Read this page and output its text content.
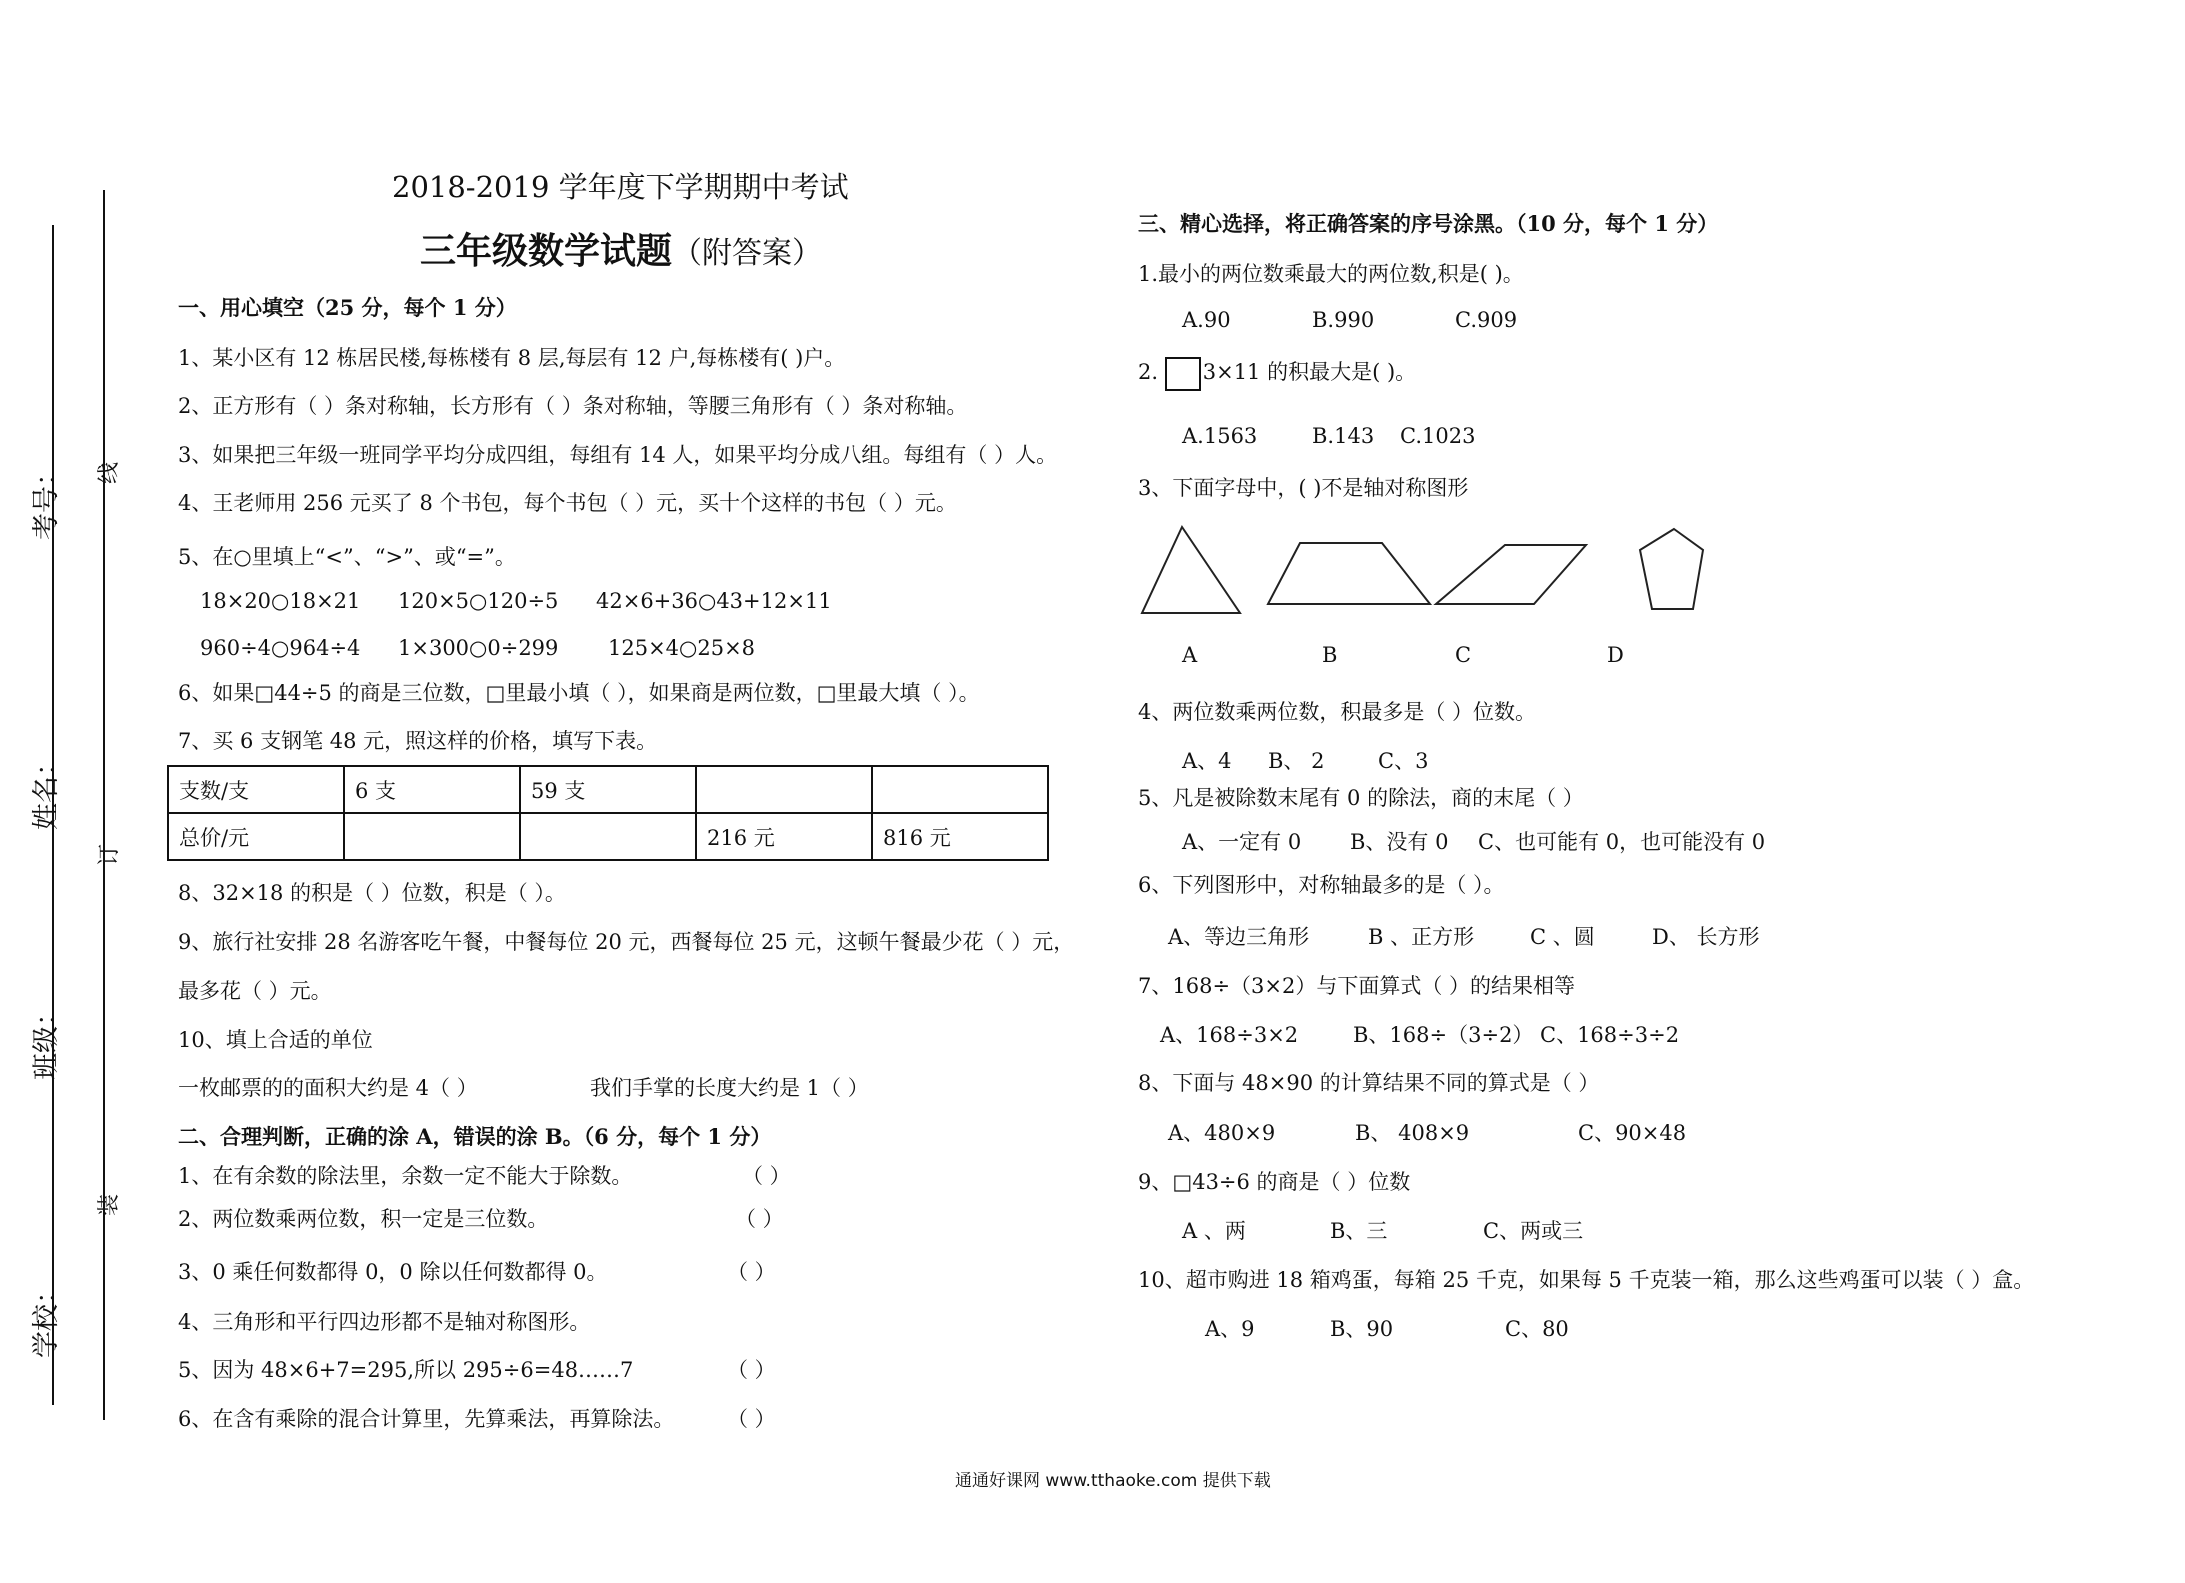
考号：
姓名：
班级：
学校：
线
订
装
2018-2019 学年度下学期期中考试
三年级数学试题（附答案）
一、用心填空（25 分，每个 1 分）
1、某小区有 12 栋居民楼,每栋楼有 8 层,每层有 12 户,每栋楼有( )户。
2、正方形有（ ）条对称轴，长方形有（ ）条对称轴，等腰三角形有（ ）条对称轴。
3、如果把三年级一班同学平均分成四组，每组有 14 人，如果平均分成八组。每组有（ ）人。
4、王老师用 256 元买了 8 个书包，每个书包（ ）元，买十个这样的书包（ ）元。
5、在○里填上“<”、“>”、或“=”。
18×20○18×21 120×5○120÷5 42×6+36○43+12×11
960÷4○964÷4 1×300○0÷299 125×4○25×8
6、如果□44÷5 的商是三位数，□里最小填（ ），如果商是两位数，□里最大填（ ）。
7、买 6 支钢笔 48 元，照这样的价格，填写下表。
支数/支	6 支	59 支		
总价/元			216 元	816 元
8、32×18 的积是（ ）位数，积是（ ）。
9、旅行社安排 28 名游客吃午餐，中餐每位 20 元，西餐每位 25 元，这顿午餐最少花（ ）元，
最多花（ ）元。
10、填上合适的单位
一枚邮票的的面积大约是 4（ ）	我们手掌的长度大约是 1（ ）
二、合理判断，正确的涂 A，错误的涂 B。（6 分，每个 1 分）
1、在有余数的除法里，余数一定不能大于除数。	（ ）
2、两位数乘两位数，积一定是三位数。	（ ）
3、0 乘任何数都得 0，0 除以任何数都得 0。	（ ）
4、三角形和平行四边形都不是轴对称图形。
5、因为 48×6+7=295,所以 295÷6=48……7	（ ）
6、在含有乘除的混合计算里，先算乘法，再算除法。	（ ）
三、精心选择，将正确答案的序号涂黑。（10 分，每个 1 分）
1.最小的两位数乘最大的两位数,积是( )。
A.90	B.990	C.909
2. 3×11 的积最大是( )。
A.1563	B.143 C.1023
3、下面字母中，( )不是轴对称图形
A	B	C	D
4、两位数乘两位数，积最多是（ ）位数。
A、4 B、 2	C、3
5、凡是被除数末尾有 0 的除法，商的末尾（ ）
A、一定有 0 B、没有 0 C、也可能有 0，也可能没有 0
6、下列图形中，对称轴最多的是（ ）。
A、等边三角形	B 、正方形	C 、圆	D、 长方形
7、168÷（3×2）与下面算式（ ）的结果相等
A、168÷3×2	B、168÷（3÷2） C、168÷3÷2
8、下面与 48×90 的计算结果不同的算式是（ ）
A、480×9	B、 408×9	C、90×48
9、□43÷6 的商是（ ）位数
A 、两	B、三	C、两或三
10、超市购进 18 箱鸡蛋，每箱 25 千克，如果每 5 千克装一箱，那么这些鸡蛋可以装（ ）盒。
A、9	B、90	C、80
通通好课网 www.tthaoke.com 提供下载
